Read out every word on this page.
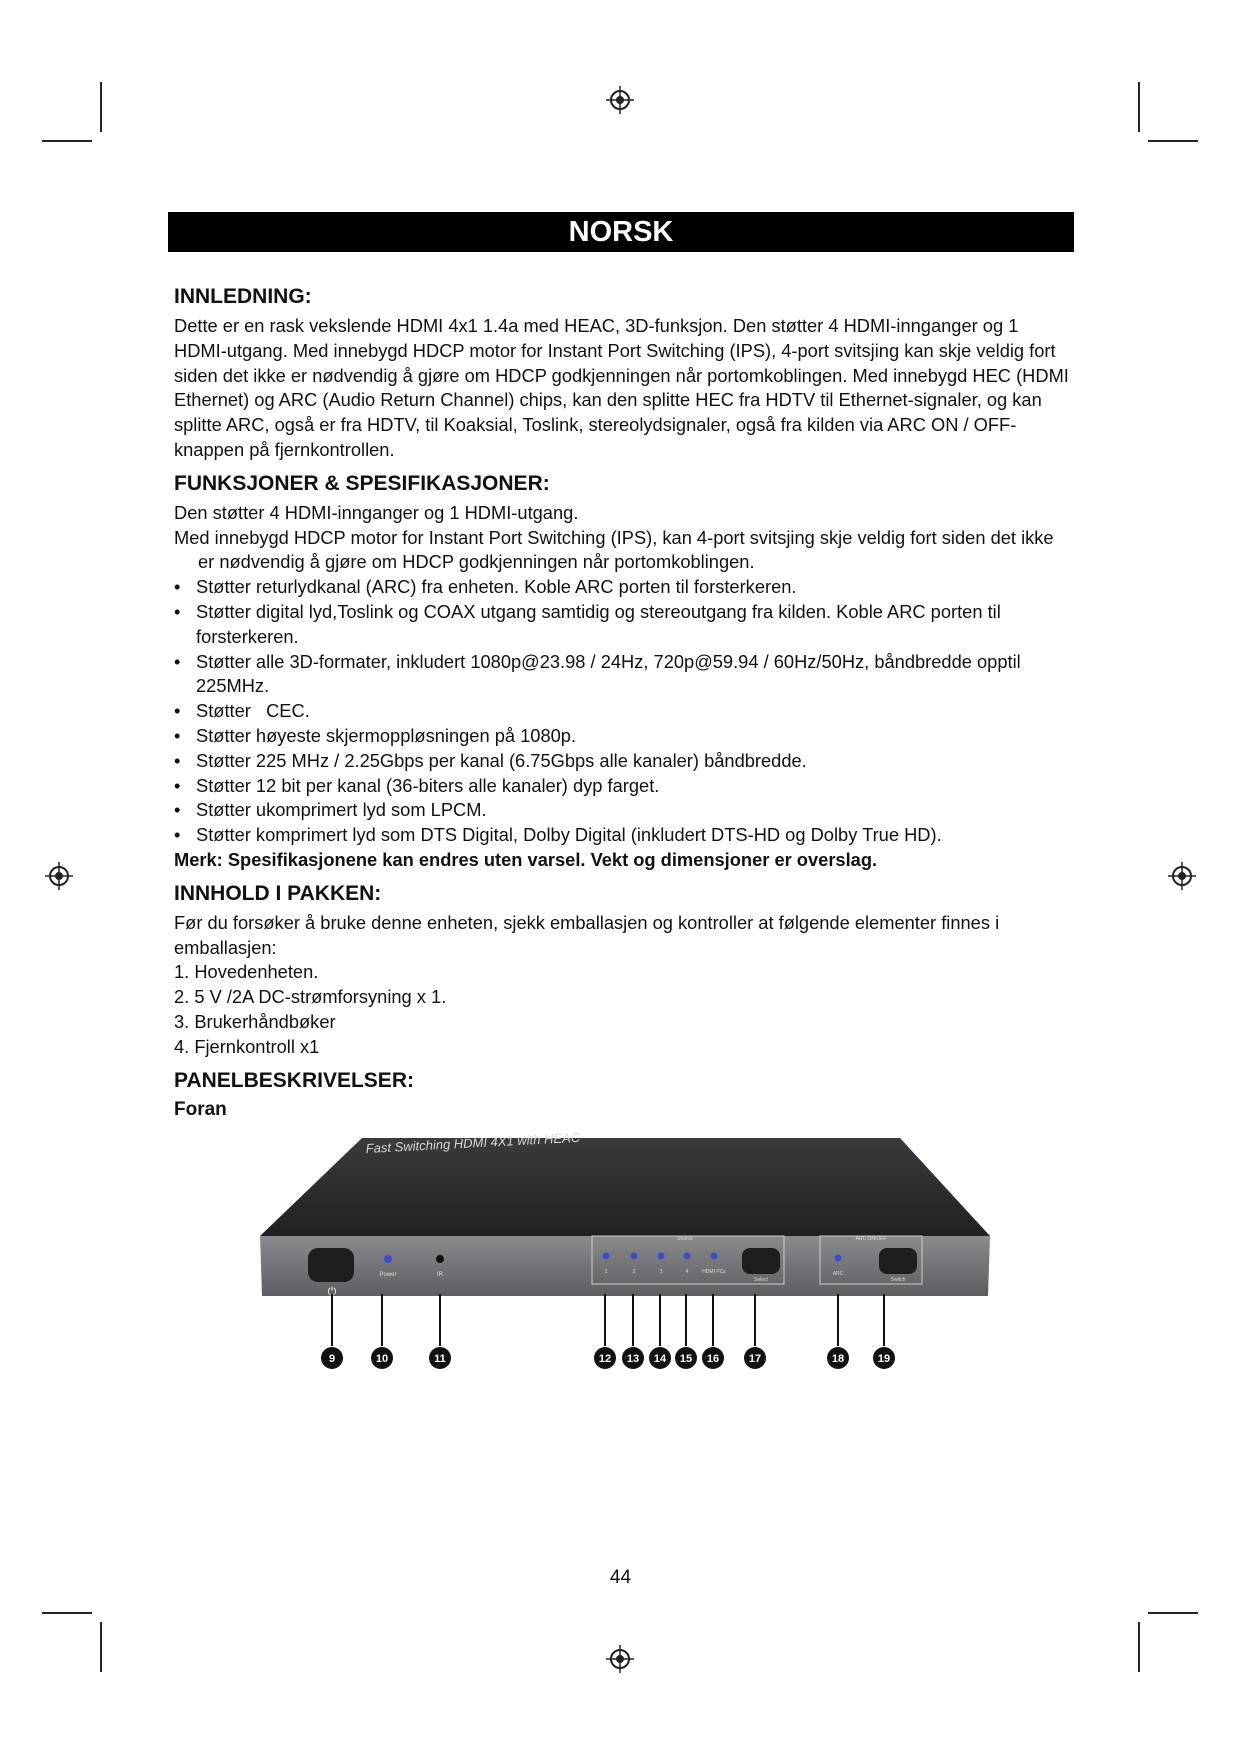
NORSK
INNLEDNING:

Dette er en rask vekslende HDMI 4x1 1.4a med HEAC, 3D-funksjon. Den støtter 4 HDMI-innganger og 1 HDMI-utgang. Med innebygd HDCP motor for Instant Port Switching (IPS), 4-port svitsjing kan skje veldig fort siden det ikke er nødvendig å gjøre om HDCP godkjenningen når portomkoblingen. Med innebygd HEC (HDMI Ethernet) og ARC (Audio Return Channel) chips, kan den splitte HEC fra HDTV til Ethernet-signaler, og kan splitte ARC, også er fra HDTV, til Koaksial, Toslink, stereolydsignaler, også fra kilden via ARC ON / OFF-knappen på fjernkontrollen.

FUNKSJONER & SPESIFIKASJONER:

Den støtter 4 HDMI-innganger og 1 HDMI-utgang.

Med innebygd HDCP motor for Instant Port Switching (IPS), kan 4-port svitsjing skje veldig fort siden det ikke er nødvendig å gjøre om HDCP godkjenningen når portomkoblingen.

• Støtter returlydkanal (ARC) fra enheten. Koble ARC porten til forsterkeren.
• Støtter digital lyd,Toslink og COAX utgang samtidig og stereoutgang fra kilden. Koble ARC porten til forsterkeren.
• Støtter alle 3D-formater, inkludert 1080p@23.98 / 24Hz, 720p@59.94 / 60Hz/50Hz, båndbredde opptil 225MHz.
• Støtter   CEC.
• Støtter høyeste skjermoppløsningen på 1080p.
• Støtter 225 MHz / 2.25Gbps per kanal (6.75Gbps alle kanaler) båndbredde.
• Støtter 12 bit per kanal (36-biters alle kanaler) dyp farget.
• Støtter ukomprimert lyd som LPCM.
• Støtter komprimert lyd som DTS Digital, Dolby Digital (inkludert DTS-HD og Dolby True HD).

Merk: Spesifikasjonene kan endres uten varsel. Vekt og dimensjoner er overslag.

INNHOLD I PAKKEN:

Før du forsøker å bruke denne enheten, sjekk emballasjen og kontroller at følgende elementer finnes i emballasjen:

1. Hovedenheten.

2. 5 V /2A DC-strømforsyning x 1.

3. Brukerhåndbøker

4. Fjernkontroll x1

PANELBESKRIVELSER:
Foran
Fast Switching HDMI 4X1 with HEAC
⏻
Power	IR
Source
1	2	3	4	HDMI PCs
Select
ARC ON/OFF
ARC
Switch
9	10	11	12 13 14 15 16	17	18	19
44
